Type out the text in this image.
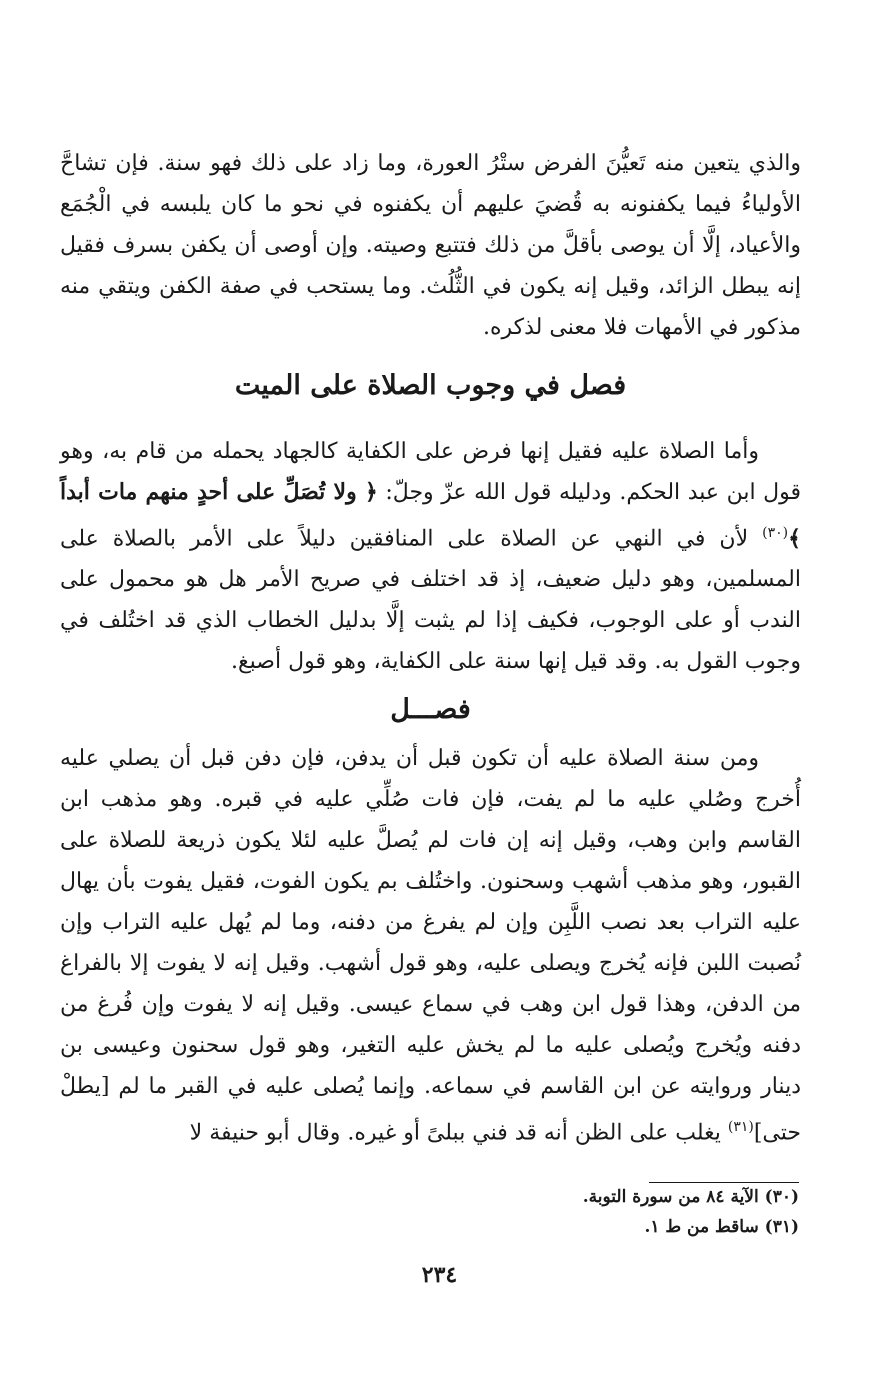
والذي يتعين منه تَعيُّنَ الفرض ستْرُ العورة، وما زاد على ذلك فهو سنة. فإن تشاحَّ الأولياءُ فيما يكفنونه به قُضيَ عليهم أن يكفنوه في نحو ما كان يلبسه في الْجُمَع والأعياد، إلَّا أن يوصى بأقلَّ من ذلك فتتبع وصيته. وإن أوصى أن يكفن بسرف فقيل إنه يبطل الزائد، وقيل إنه يكون في الثُّلُث. وما يستحب في صفة الكفن ويتقي منه مذكور في الأمهات فلا معنى لذكره.

فصل في وجوب الصلاة على الميت

وأما الصلاة عليه فقيل إنها فرض على الكفاية كالجهاد يحمله من قام به، وهو قول ابن عبد الحكم. ودليله قول الله عزّ وجلّ: ﴿ ولا تُصَلِّ على أحدٍ منهم مات أبداً ﴾$^{(٣٠)}$ لأن في النهي عن الصلاة على المنافقين دليلاً على الأمر بالصلاة على المسلمين، وهو دليل ضعيف، إذ قد اختلف في صريح الأمر هل هو محمول على الندب أو على الوجوب، فكيف إذا لم يثبت إلَّا بدليل الخطاب الذي قد اختُلف في وجوب القول به. وقد قيل إنها سنة على الكفاية، وهو قول أصبغ.

فصـــل

ومن سنة الصلاة عليه أن تكون قبل أن يدفن، فإن دفن قبل أن يصلي عليه أُخرج وصُلي عليه ما لم يفت، فإن فات صُلِّي عليه في قبره. وهو مذهب ابن القاسم وابن وهب، وقيل إنه إن فات لم يُصلَّ عليه لئلا يكون ذريعة للصلاة على القبور، وهو مذهب أشهب وسحنون. واختُلف بم يكون الفوت، فقيل يفوت بأن يهال عليه التراب بعد نصب اللَّبِن وإن لم يفرغ من دفنه، وما لم يُهل عليه التراب وإن نُصبت اللبن فإنه يُخرج ويصلى عليه، وهو قول أشهب. وقيل إنه لا يفوت إلا بالفراغ من الدفن، وهذا قول ابن وهب في سماع عيسى. وقيل إنه لا يفوت وإن فُرغ من دفنه ويُخرج ويُصلى عليه ما لم يخش عليه التغير، وهو قول سحنون وعيسى بن دينار وروايته عن ابن القاسم في سماعه. وإنما يُصلى عليه في القبر ما لم [يطلْ حتى]$^{(٣١)}$ يغلب على الظن أنه قد فني ببلىً أو غيره. وقال أبو حنيفة لا

(٣٠) الآية ٨٤ من سورة التوبة.

(٣١) ساقط من ط ١.

٢٣٤
